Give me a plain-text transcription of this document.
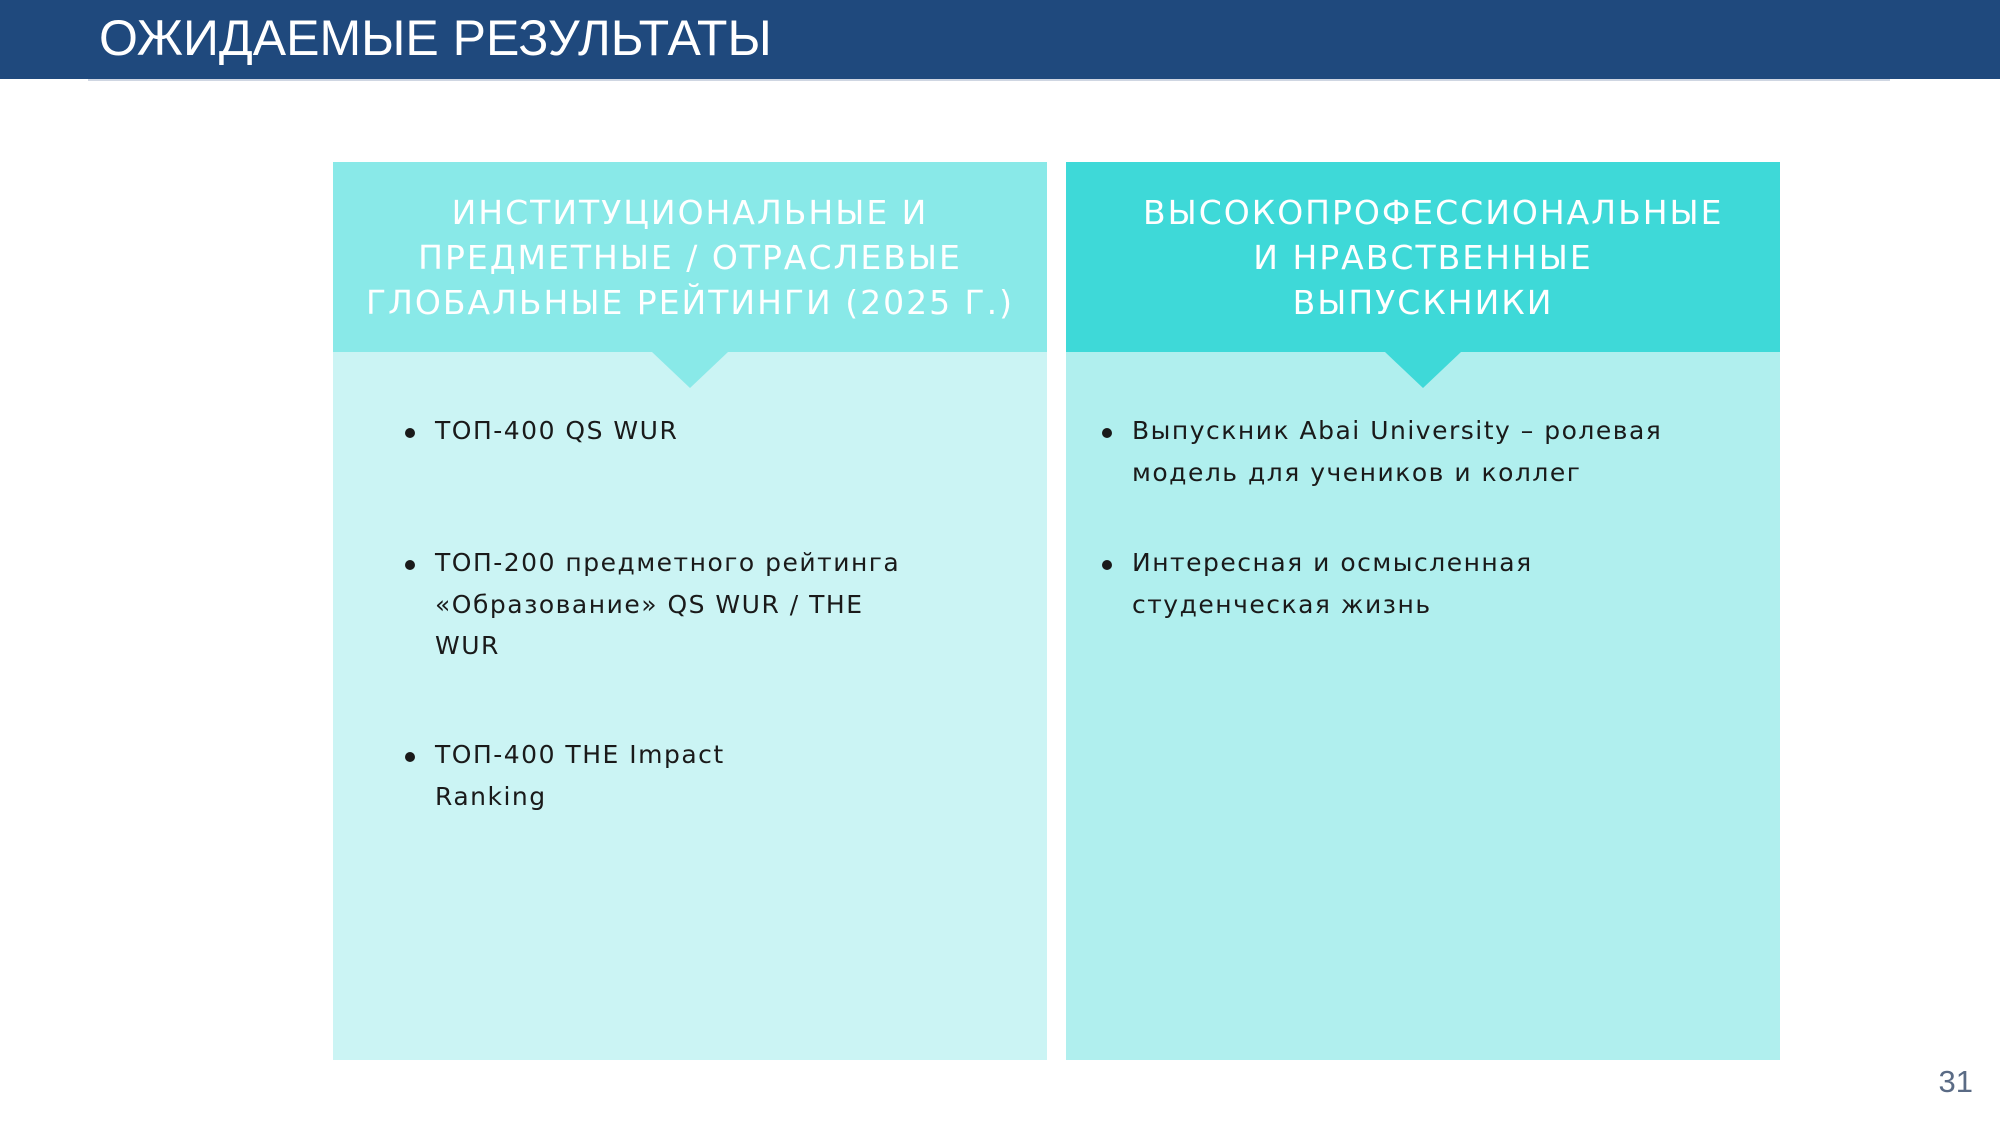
ОЖИДАЕМЫЕ РЕЗУЛЬТАТЫ
ИНСТИТУЦИОНАЛЬНЫЕ И ПРЕДМЕТНЫЕ / ОТРАСЛЕВЫЕ ГЛОБАЛЬНЫЕ РЕЙТИНГИ (2025 Г.)
ТОП-400 QS WUR
ТОП-200 предметного рейтинга «Образование» QS WUR / THE WUR
ТОП-400 THE Impact Ranking
ВЫСОКОПРОФЕССИОНАЛЬНЫЕ И НРАВСТВЕННЫЕ ВЫПУСКНИКИ
Выпускник Abai University – ролевая модель для учеников и коллег
Интересная и осмысленная студенческая жизнь
31
